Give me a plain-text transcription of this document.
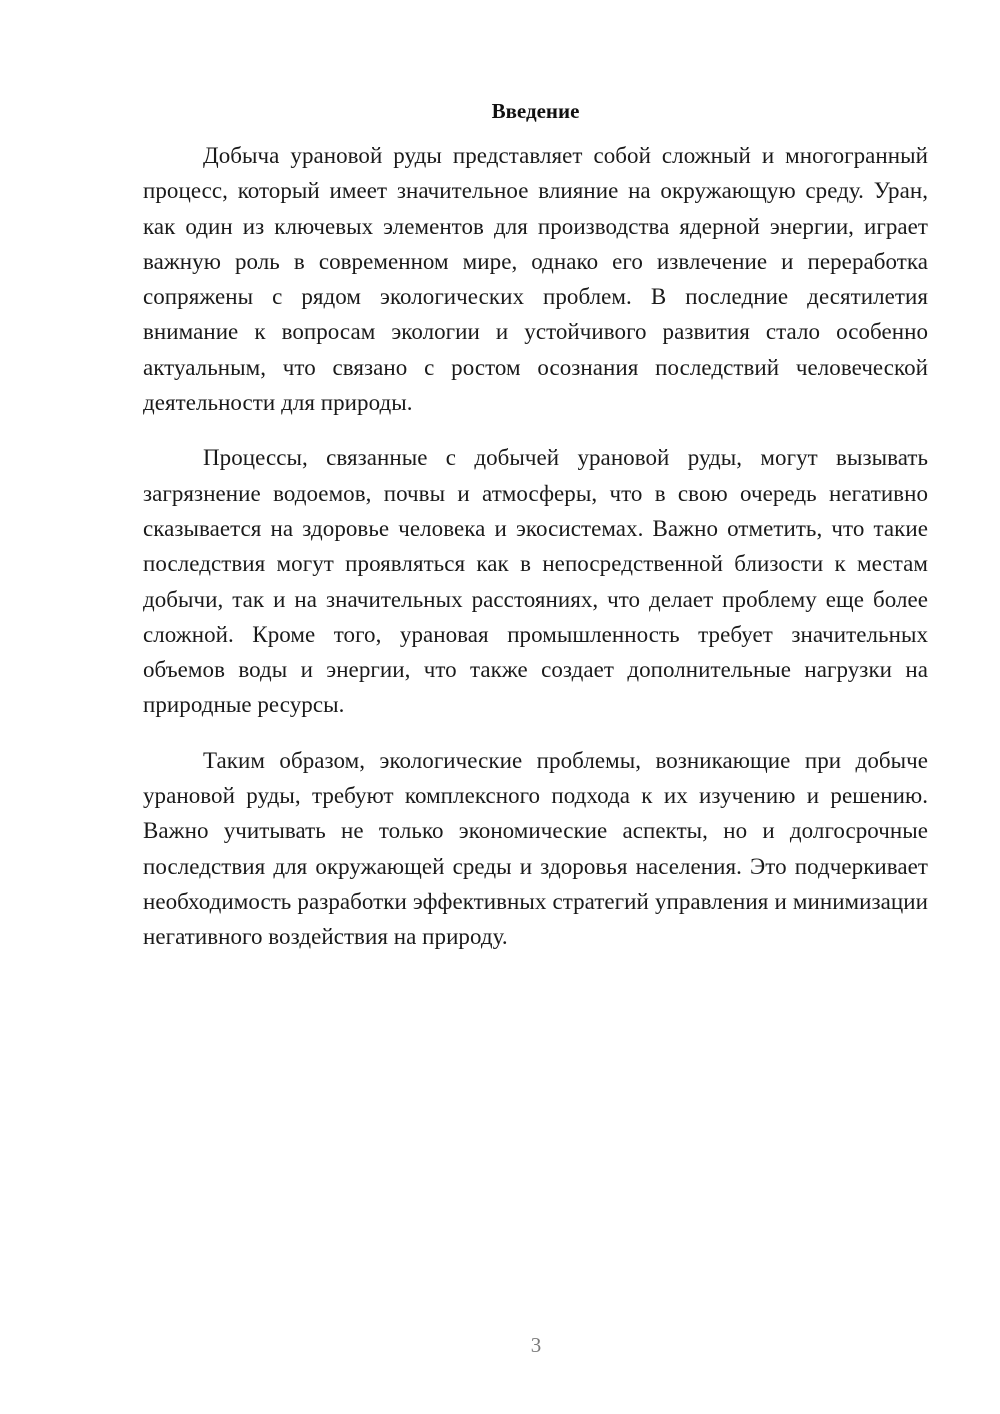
Введение

Добыча урановой руды представляет собой сложный и многогранный процесс, который имеет значительное влияние на окружающую среду. Уран, как один из ключевых элементов для производства ядерной энергии, играет важную роль в современном мире, однако его извлечение и переработка сопряжены с рядом экологических проблем. В последние десятилетия внимание к вопросам экологии и устойчивого развития стало особенно актуальным, что связано с ростом осознания последствий человеческой деятельности для природы.

Процессы, связанные с добычей урановой руды, могут вызывать загрязнение водоемов, почвы и атмосферы, что в свою очередь негативно сказывается на здоровье человека и экосистемах. Важно отметить, что такие последствия могут проявляться как в непосредственной близости к местам добычи, так и на значительных расстояниях, что делает проблему еще более сложной. Кроме того, урановая промышленность требует значительных объемов воды и энергии, что также создает дополнительные нагрузки на природные ресурсы.

Таким образом, экологические проблемы, возникающие при добыче урановой руды, требуют комплексного подхода к их изучению и решению. Важно учитывать не только экономические аспекты, но и долгосрочные последствия для окружающей среды и здоровья населения. Это подчеркивает необходимость разработки эффективных стратегий управления и минимизации негативного воздействия на природу.

3
